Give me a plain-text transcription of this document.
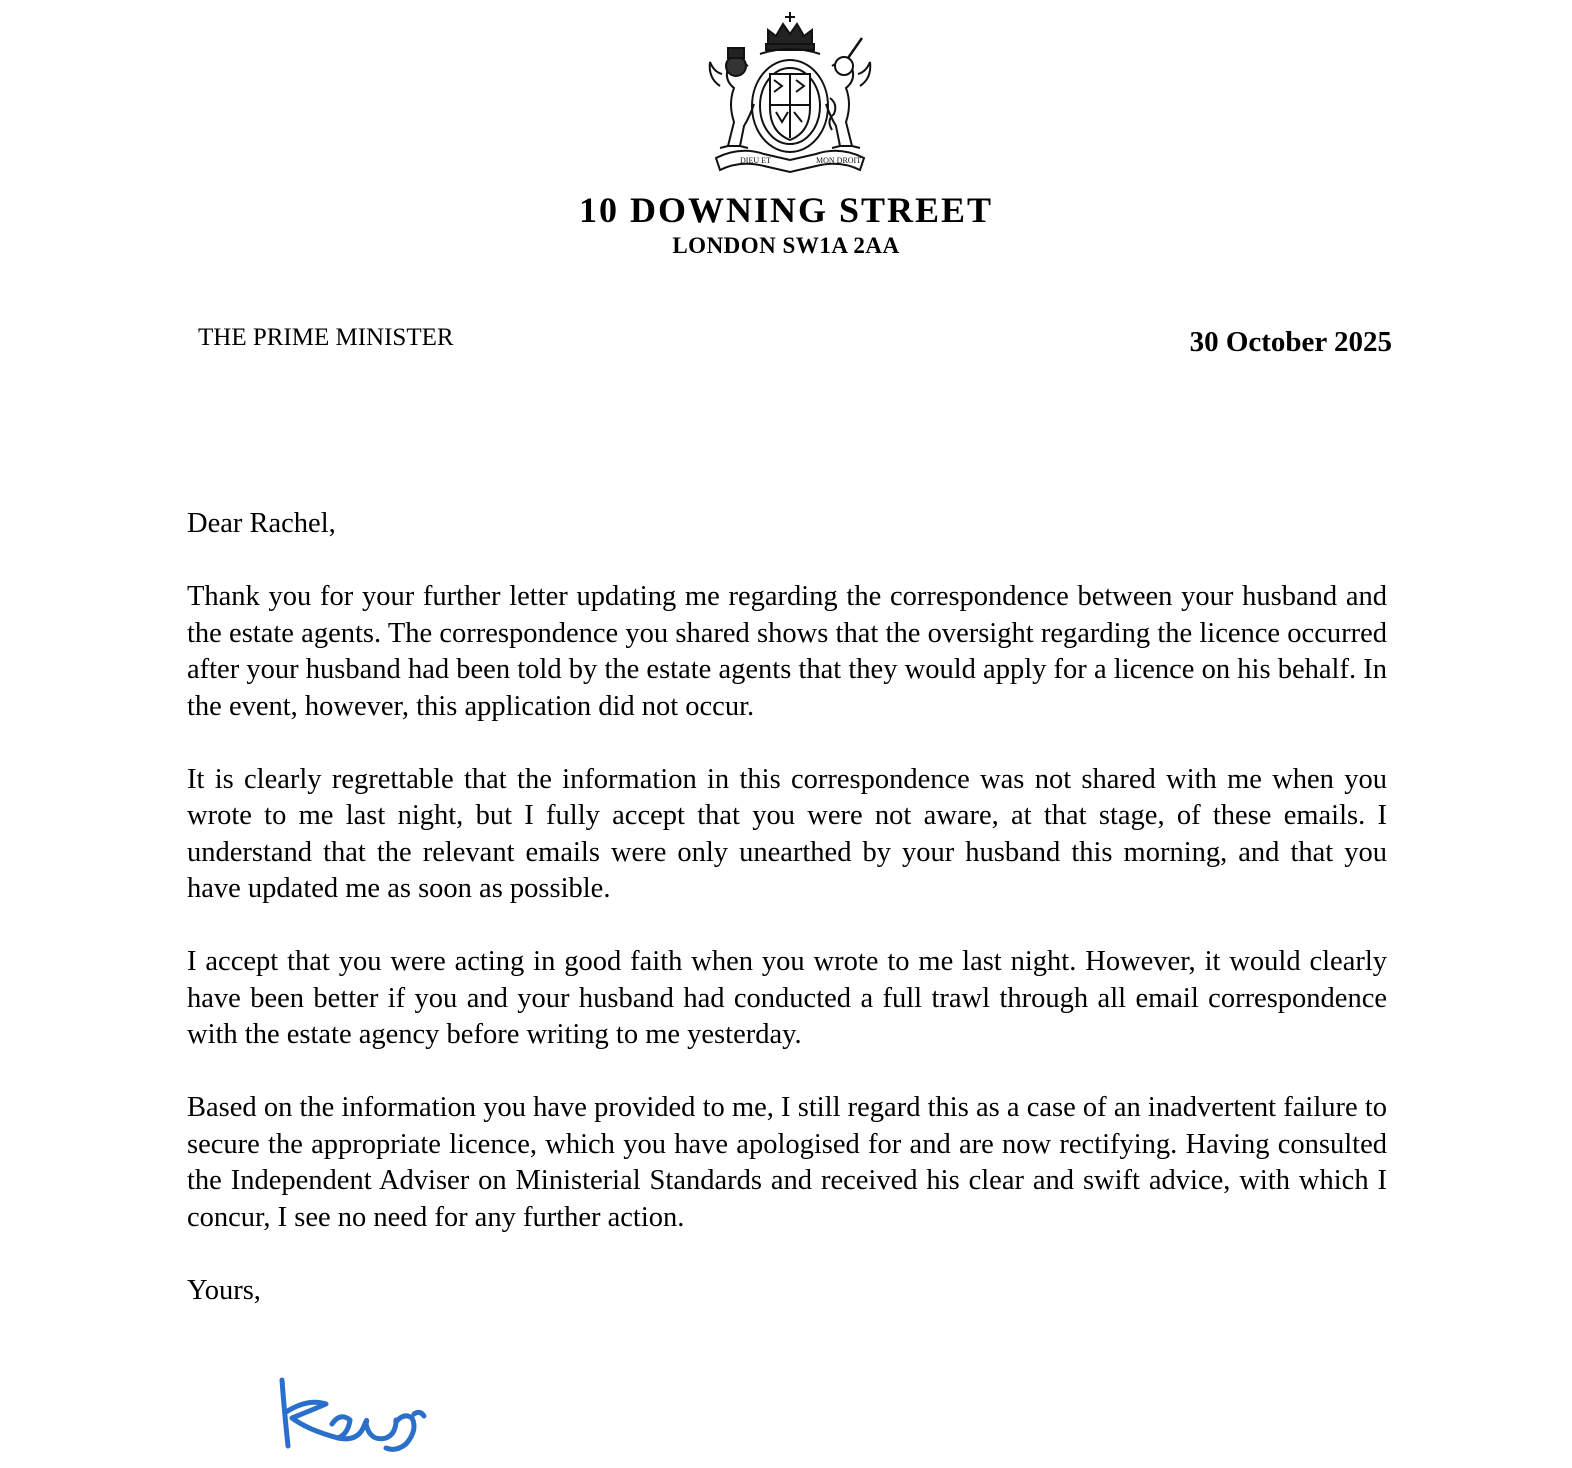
DIEU ET	MON DROIT
10 DOWNING STREET
LONDON SW1A 2AA
THE PRIME MINISTER	30 October 2025

Dear Rachel,

Thank you for your further letter updating me regarding the correspondence between your husband and the estate agents. The correspondence you shared shows that the oversight regarding the licence occurred after your husband had been told by the estate agents that they would apply for a licence on his behalf. In the event, however, this application did not occur.

It is clearly regrettable that the information in this correspondence was not shared with me when you wrote to me last night, but I fully accept that you were not aware, at that stage, of these emails. I understand that the relevant emails were only unearthed by your husband this morning, and that you have updated me as soon as possible.

I accept that you were acting in good faith when you wrote to me last night. However, it would clearly have been better if you and your husband had conducted a full trawl through all email correspondence with the estate agency before writing to me yesterday.

Based on the information you have provided to me, I still regard this as a case of an inadvertent failure to secure the appropriate licence, which you have apologised for and are now rectifying. Having consulted the Independent Adviser on Ministerial Standards and received his clear and swift advice, with which I concur, I see no need for any further action.

Yours,
